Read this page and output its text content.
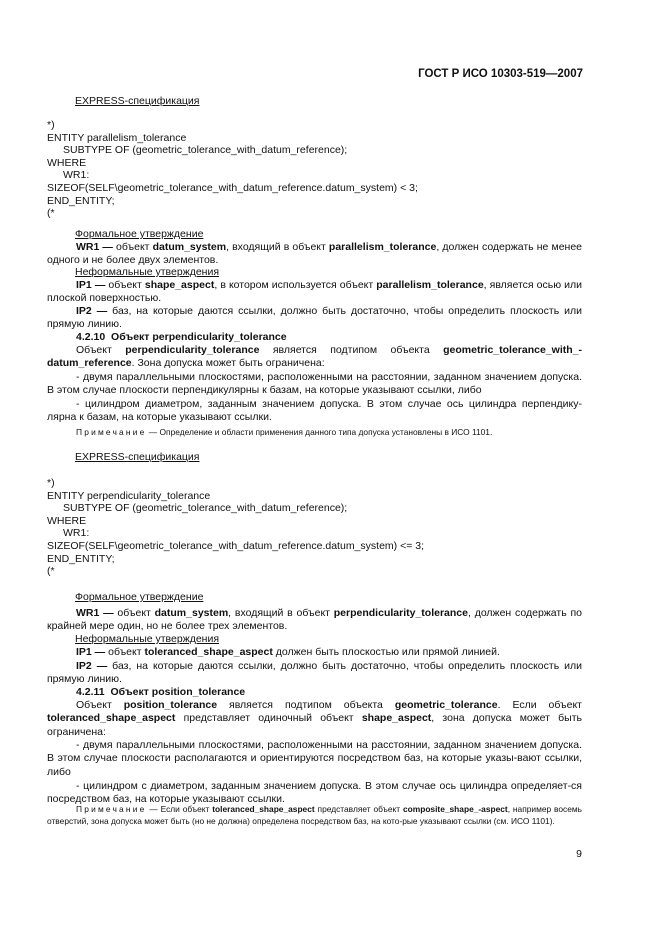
ГОСТ Р ИСО 10303-519—2007
EXPRESS-спецификация
*)
ENTITY parallelism_tolerance
SUBTYPE OF (geometric_tolerance_with_datum_reference);
WHERE
WR1:
SIZEOF(SELF\geometric_tolerance_with_datum_reference.datum_system) < 3;
END_ENTITY;
(*
Формальное утверждение
WR1 — объект datum_system, входящий в объект parallelism_tolerance, должен содержать не менее одного и не более двух элементов.
Неформальные утверждения
IP1 — объект shape_aspect, в котором используется объект parallelism_tolerance, является осью или плоской поверхностью.
IP2 — баз, на которые даются ссылки, должно быть достаточно, чтобы определить плоскость или прямую линию.
4.2.10 Объект perpendicularity_tolerance
Объект perpendicularity_tolerance является подтипом объекта geometric_tolerance_with_-datum_reference. Зона допуска может быть ограничена:
- двумя параллельными плоскостями, расположенными на расстоянии, заданном значением допуска. В этом случае плоскости перпендикулярны к базам, на которые указывают ссылки, либо
- цилиндром диаметром, заданным значением допуска. В этом случае ось цилиндра перпендику-лярна к базам, на которые указывают ссылки.
Примечание — Определение и области применения данного типа допуска установлены в ИСО 1101.
EXPRESS-спецификация
*)
ENTITY perpendicularity_tolerance
SUBTYPE OF (geometric_tolerance_with_datum_reference);
WHERE
WR1:
SIZEOF(SELF\geometric_tolerance_with_datum_reference.datum_system) <= 3;
END_ENTITY;
(*
Формальное утверждение
WR1 — объект datum_system, входящий в объект perpendicularity_tolerance, должен содержать по крайней мере один, но не более трех элементов.
Неформальные утверждения
IP1 — объект toleranced_shape_aspect должен быть плоскостью или прямой линией.
IP2 — баз, на которые даются ссылки, должно быть достаточно, чтобы определить плоскость или прямую линию.
4.2.11 Объект position_tolerance
Объект position_tolerance является подтипом объекта geometric_tolerance. Если объект toleranced_shape_aspect представляет одиночный объект shape_aspect, зона допуска может быть ограничена:
- двумя параллельными плоскостями, расположенными на расстоянии, заданном значением допуска. В этом случае плоскости располагаются и ориентируются посредством баз, на которые указы-вают ссылки, либо
- цилиндром с диаметром, заданным значением допуска. В этом случае ось цилиндра определяет-ся посредством баз, на которые указывают ссылки.
Примечание — Если объект toleranced_shape_aspect представляет объект composite_shape_-aspect, например восемь отверстий, зона допуска может быть (но не должна) определена посредством баз, на кото-рые указывают ссылки (см. ИСО 1101).
9
